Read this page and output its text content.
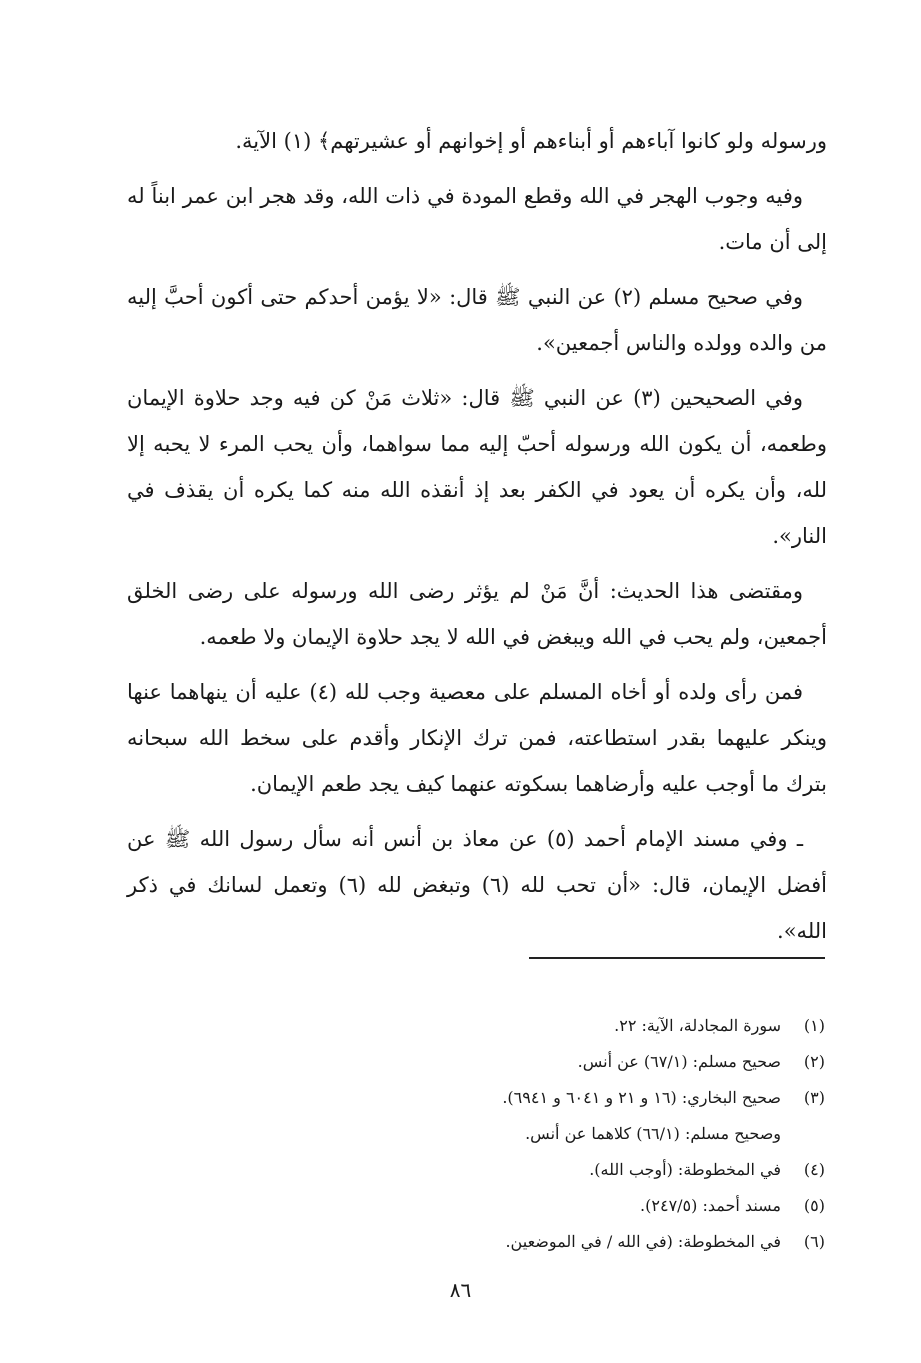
ورسوله ولو كانوا آباءهم أو أبناءهم أو إخوانهم أو عشيرتهم﴾ (١) الآية.

وفيه وجوب الهجر في الله وقطع المودة في ذات الله، وقد هجر ابن عمر ابناً له إلى أن مات.

وفي صحيح مسلم (٢) عن النبي ﷺ قال: «لا يؤمن أحدكم حتى أكون أحبَّ إليه من والده وولده والناس أجمعين».

وفي الصحيحين (٣) عن النبي ﷺ قال: «ثلاث مَنْ كن فيه وجد حلاوة الإيمان وطعمه، أن يكون الله ورسوله أحبّ إليه مما سواهما، وأن يحب المرء لا يحبه إلا لله، وأن يكره أن يعود في الكفر بعد إذ أنقذه الله منه كما يكره أن يقذف في النار».

ومقتضى هذا الحديث: أنَّ مَنْ لم يؤثر رضى الله ورسوله على رضى الخلق أجمعين، ولم يحب في الله ويبغض في الله لا يجد حلاوة الإيمان ولا طعمه.

فمن رأى ولده أو أخاه المسلم على معصية وجب لله (٤) عليه أن ينهاهما عنها وينكر عليهما بقدر استطاعته، فمن ترك الإنكار وأقدم على سخط الله سبحانه بترك ما أوجب عليه وأرضاهما بسكوته عنهما كيف يجد طعم الإيمان.

ـ وفي مسند الإمام أحمد (٥) عن معاذ بن أنس أنه سأل رسول الله ﷺ عن أفضل الإيمان، قال: «أن تحب لله (٦) وتبغض لله (٦) وتعمل لسانك في ذكر الله».

(١)سورة المجادلة، الآية: ٢٢.
(٢)صحيح مسلم: (٦٧/١) عن أنس.
(٣)صحيح البخاري: (١٦ و ٢١ و ٦٠٤١ و ٦٩٤١).
وصحيح مسلم: (٦٦/١) كلاهما عن أنس.
(٤)في المخطوطة: (أوجب الله).
(٥)مسند أحمد: (٢٤٧/٥).
(٦)في المخطوطة: (في الله / في الموضعين.
٨٦
